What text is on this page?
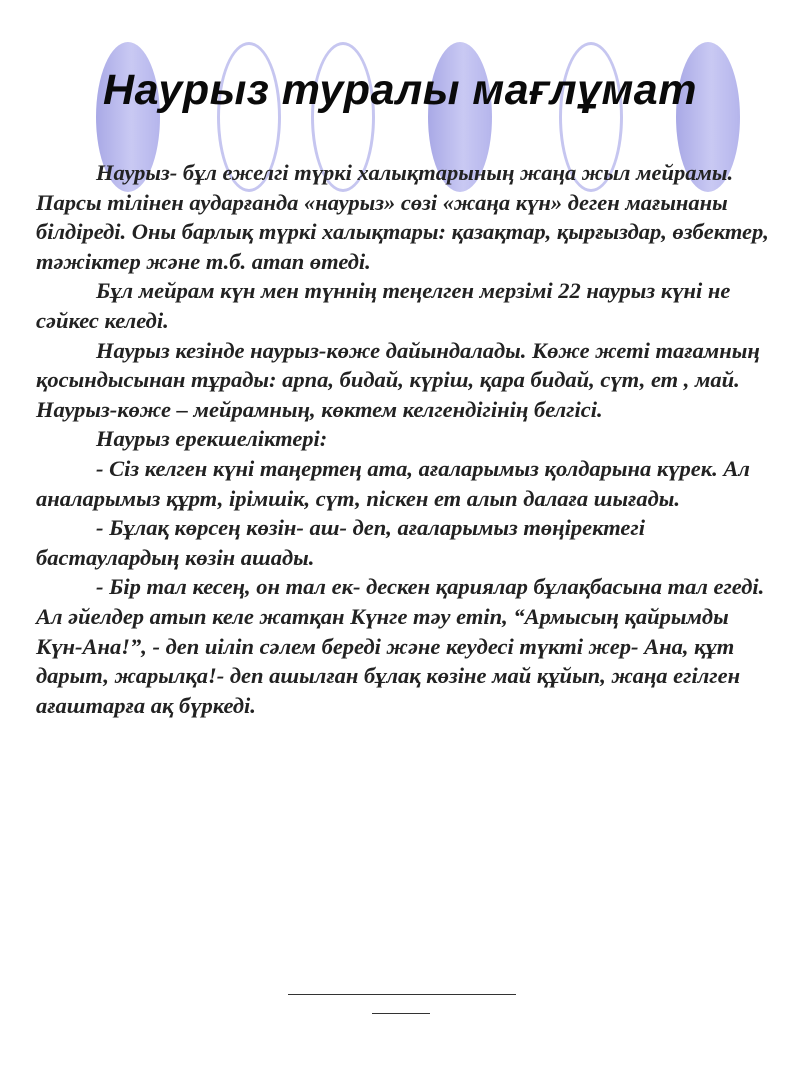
Наурыз туралы мағлұмат

Наурыз- бұл ежелгі түркі халықтарының жаңа жыл мейрамы. Парсы тілінен аударғанда «наурыз» сөзі «жаңа күн» деген мағынаны білдіреді. Оны барлық түркі халықтары: қазақтар, қырғыздар, өзбектер, тәжіктер және т.б. атап өтеді.

Бұл мейрам күн мен түннің теңелген мерзімі 22 наурыз күні не сәйкес келеді.

Наурыз кезінде наурыз-көже дайындалады. Көже жеті тағамның қосындысынан тұрады: арпа, бидай, күріш, қара бидай, сүт, ет , май. Наурыз-көже – мейрамның, көктем келгендігінің белгісі.

Наурыз ерекшеліктері:

- Сіз келген күні таңертең ата, ағаларымыз қолдарына күрек. Ал аналарымыз құрт, ірімшік, сүт, піскен ет алып далаға шығады.

- Бұлақ көрсең көзін- аш- деп, ағаларымыз төңіректегі бастаулардың көзін ашады.

- Бір тал кесең, он тал ек- дескен қариялар бұлақбасына тал егеді. Ал әйелдер атып келе жатқан Күнге тәу етіп, “Армысың қайрымды Күн-Ана!”, - деп иіліп сәлем береді және кеудесі түкті жер- Ана, құт дарыт, жарылқа!- деп ашылған бұлақ көзіне май құйып, жаңа егілген ағаштарға ақ бүркеді.
